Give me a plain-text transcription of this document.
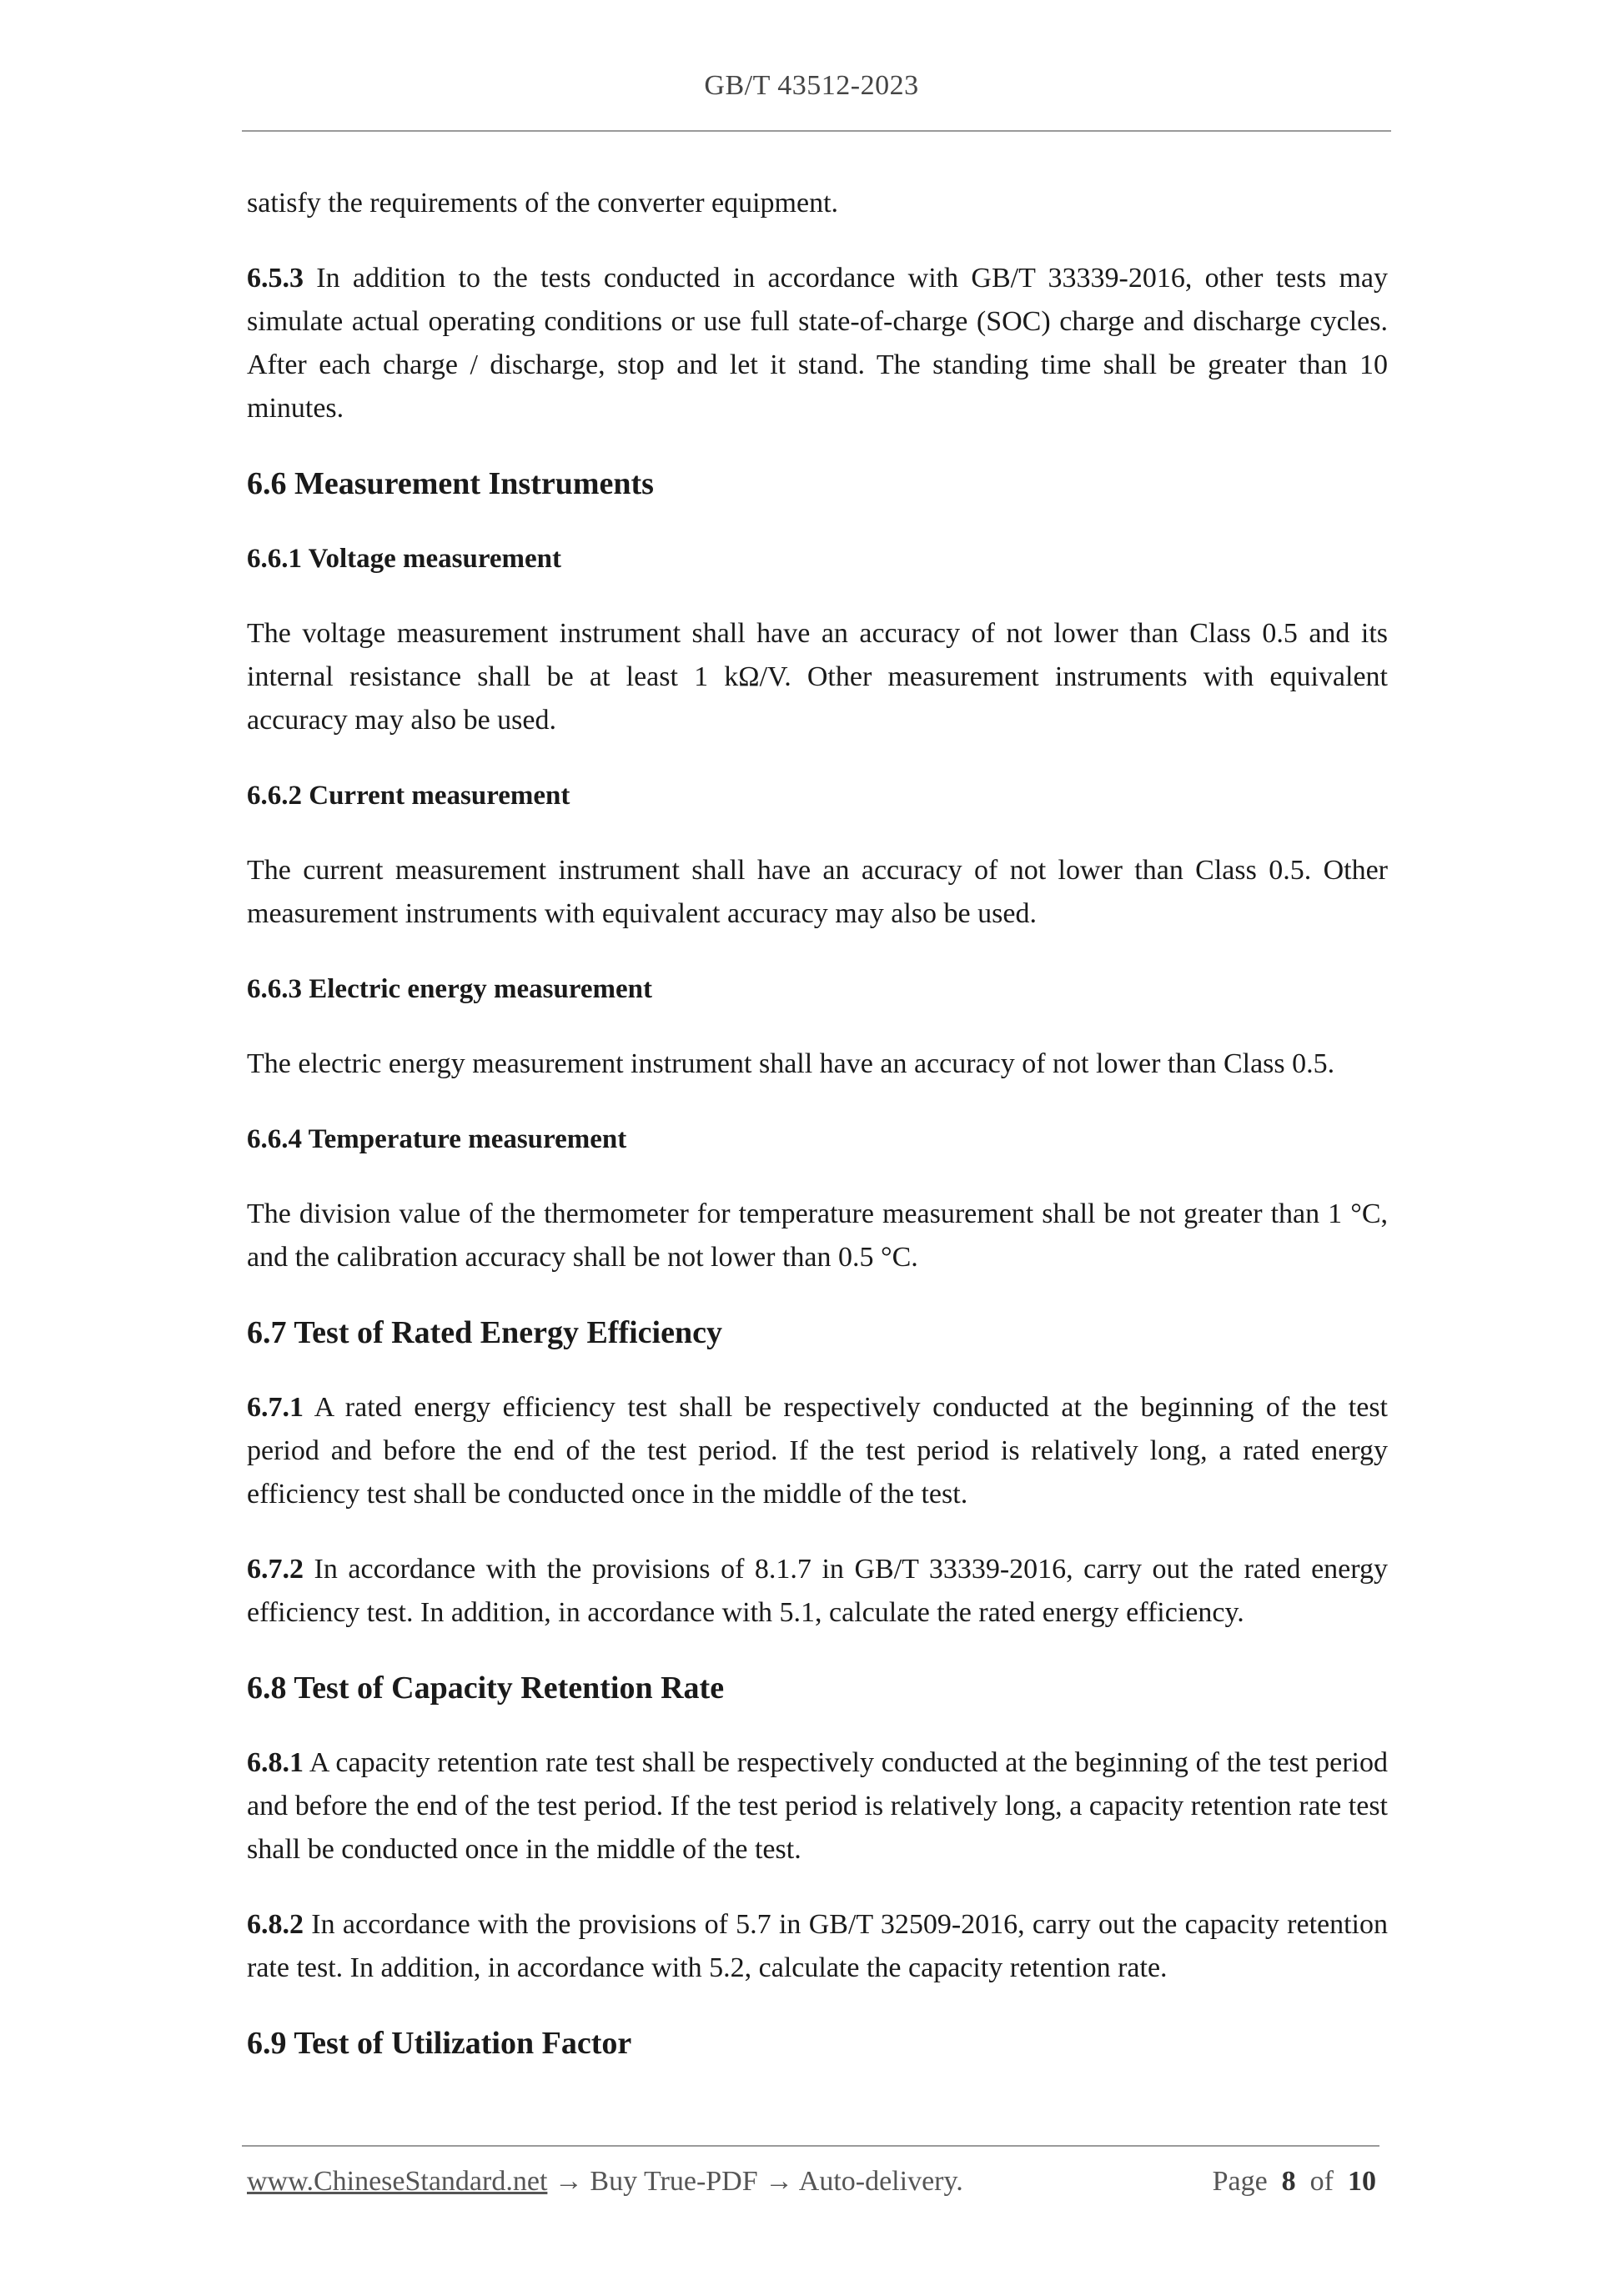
GB/T 43512-2023

satisfy the requirements of the converter equipment.

6.5.3 In addition to the tests conducted in accordance with GB/T 33339-2016, other tests may simulate actual operating conditions or use full state-of-charge (SOC) charge and discharge cycles. After each charge / discharge, stop and let it stand. The standing time shall be greater than 10 minutes.

6.6 Measurement Instruments
6.6.1 Voltage measurement

The voltage measurement instrument shall have an accuracy of not lower than Class 0.5 and its internal resistance shall be at least 1 kΩ/V. Other measurement instruments with equivalent accuracy may also be used.

6.6.2 Current measurement

The current measurement instrument shall have an accuracy of not lower than Class 0.5. Other measurement instruments with equivalent accuracy may also be used.

6.6.3 Electric energy measurement

The electric energy measurement instrument shall have an accuracy of not lower than Class 0.5.

6.6.4 Temperature measurement

The division value of the thermometer for temperature measurement shall be not greater than 1 °C, and the calibration accuracy shall be not lower than 0.5 °C.

6.7 Test of Rated Energy Efficiency

6.7.1 A rated energy efficiency test shall be respectively conducted at the beginning of the test period and before the end of the test period. If the test period is relatively long, a rated energy efficiency test shall be conducted once in the middle of the test.

6.7.2 In accordance with the provisions of 8.1.7 in GB/T 33339-2016, carry out the rated energy efficiency test. In addition, in accordance with 5.1, calculate the rated energy efficiency.

6.8 Test of Capacity Retention Rate

6.8.1 A capacity retention rate test shall be respectively conducted at the beginning of the test period and before the end of the test period. If the test period is relatively long, a capacity retention rate test shall be conducted once in the middle of the test.

6.8.2 In accordance with the provisions of 5.7 in GB/T 32509-2016, carry out the capacity retention rate test. In addition, in accordance with 5.2, calculate the capacity retention rate.

6.9 Test of Utilization Factor
www.ChineseStandard.net → Buy True-PDF → Auto-delivery.	Page 8 of 10
